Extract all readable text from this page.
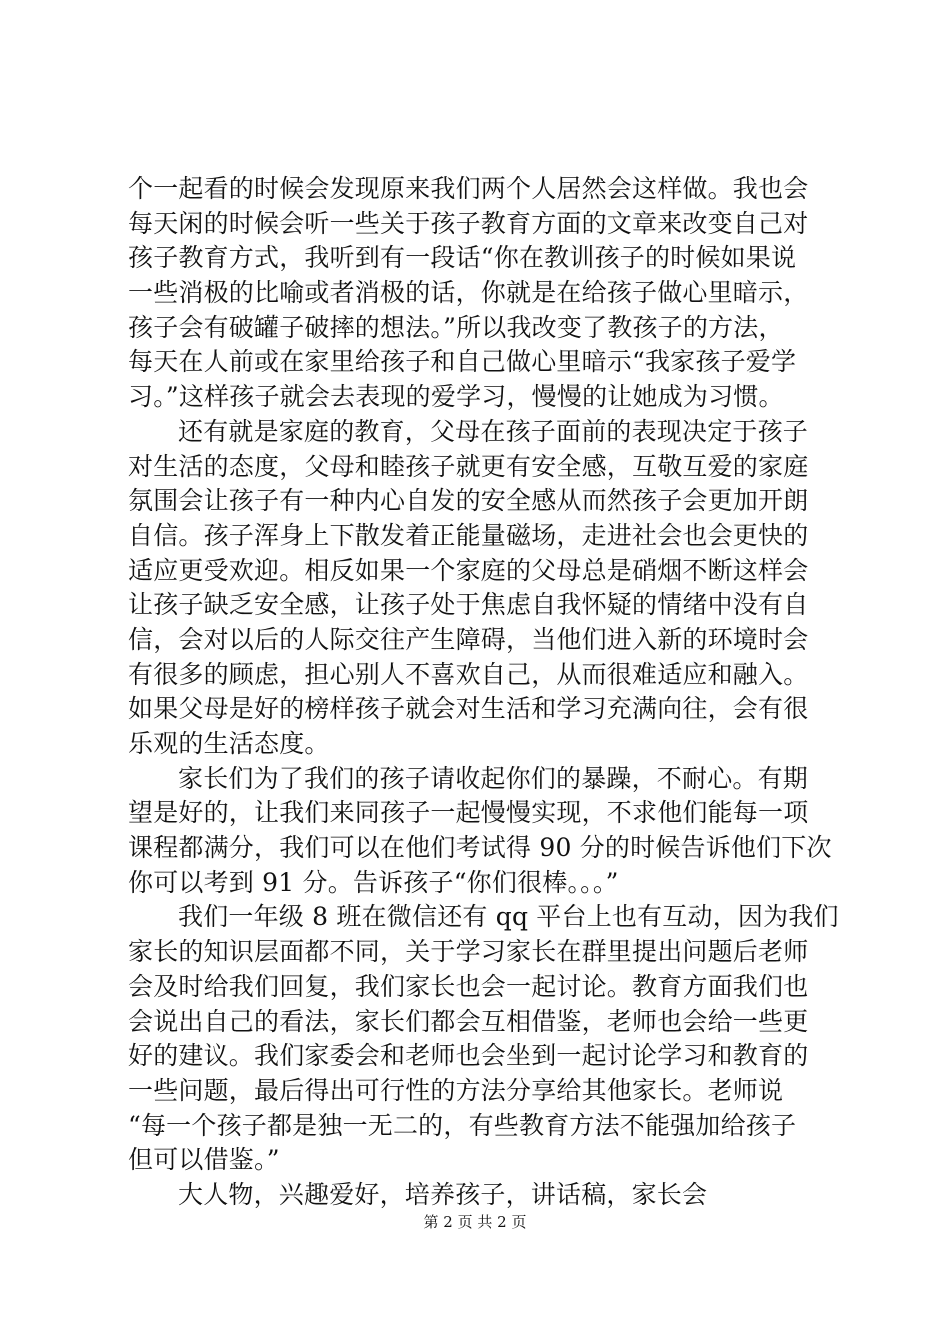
个一起看的时候会发现原来我们两个人居然会这样做。我也会
每天闲的时候会听一些关于孩子教育方面的文章来改变自己对
孩子教育方式，我听到有一段话“你在教训孩子的时候如果说
一些消极的比喻或者消极的话，你就是在给孩子做心里暗示，
孩子会有破罐子破摔的想法。”所以我改变了教孩子的方法，
每天在人前或在家里给孩子和自己做心里暗示“我家孩子爱学
习。”这样孩子就会去表现的爱学习，慢慢的让她成为习惯。
还有就是家庭的教育，父母在孩子面前的表现决定于孩子
对生活的态度，父母和睦孩子就更有安全感，互敬互爱的家庭
氛围会让孩子有一种内心自发的安全感从而然孩子会更加开朗
自信。孩子浑身上下散发着正能量磁场，走进社会也会更快的
适应更受欢迎。相反如果一个家庭的父母总是硝烟不断这样会
让孩子缺乏安全感，让孩子处于焦虑自我怀疑的情绪中没有自
信，会对以后的人际交往产生障碍，当他们进入新的环境时会
有很多的顾虑，担心别人不喜欢自己，从而很难适应和融入。
如果父母是好的榜样孩子就会对生活和学习充满向往，会有很
乐观的生活态度。
家长们为了我们的孩子请收起你们的暴躁，不耐心。有期
望是好的，让我们来同孩子一起慢慢实现，不求他们能每一项
课程都满分，我们可以在他们考试得 90 分的时候告诉他们下次
你可以考到 91 分。告诉孩子“你们很棒。。。”
我们一年级 8 班在微信还有 qq 平台上也有互动，因为我们
家长的知识层面都不同，关于学习家长在群里提出问题后老师
会及时给我们回复，我们家长也会一起讨论。教育方面我们也
会说出自己的看法，家长们都会互相借鉴，老师也会给一些更
好的建议。我们家委会和老师也会坐到一起讨论学习和教育的
一些问题，最后得出可行性的方法分享给其他家长。老师说
“每一个孩子都是独一无二的，有些教育方法不能强加给孩子
但可以借鉴。”
大人物，兴趣爱好，培养孩子，讲话稿，家长会
第 2 页 共 2 页
